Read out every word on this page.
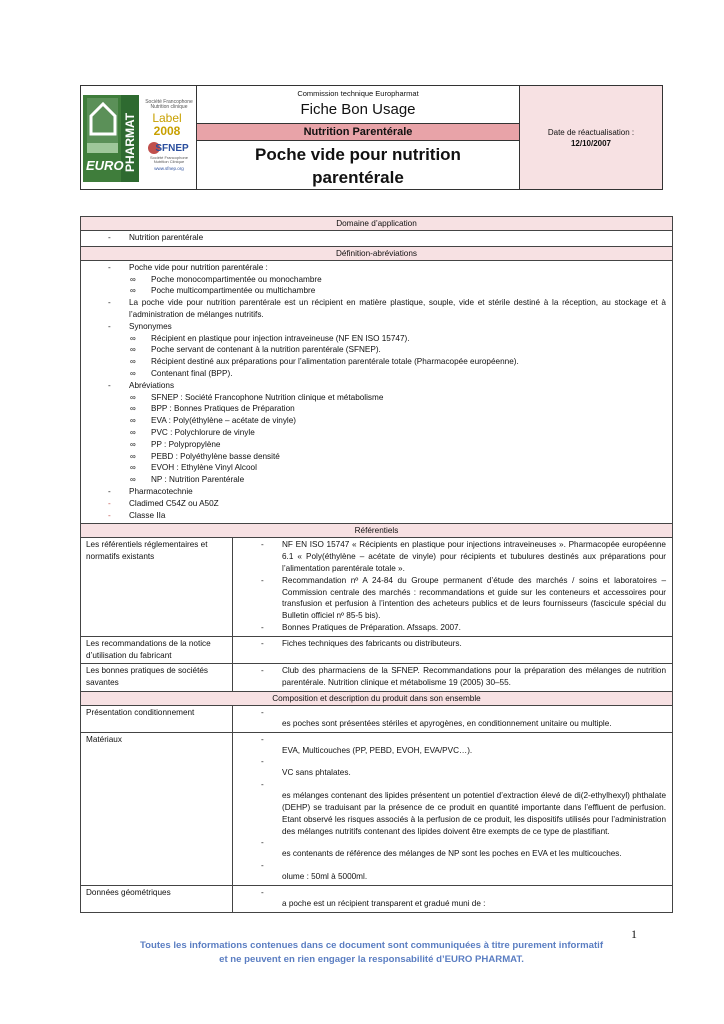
EURO PHARMAT
Société Francophone
Nutrition clinique
Label
2008
SFNEP
Société Francophone
Nutrition Clinique
www.sfnep.org
Commission technique Europharmat
Fiche Bon Usage
Nutrition Parentérale
Poche vide pour nutrition
parentérale
Date de réactualisation :
12/10/2007
Domaine d’application
- Nutrition parentérale
Définition-abréviations
- Poche vide pour nutrition parentérale :
∞ Poche monocompartimentée ou monochambre
∞ Poche multicompartimentée ou multichambre
- La poche vide pour nutrition parentérale est un récipient en matière plastique, souple, vide et stérile destiné à la réception, au stockage et à l’administration de mélanges nutritifs.
- Synonymes
∞ Récipient en plastique pour injection intraveineuse (NF EN ISO 15747).
∞ Poche servant de contenant à la nutrition parentérale (SFNEP).
∞ Récipient destiné aux préparations pour l’alimentation parentérale totale (Pharmacopée européenne).
∞ Contenant final (BPP).
- Abréviations
∞ SFNEP : Société Francophone Nutrition clinique et métabolisme
∞ BPP : Bonnes Pratiques de Préparation
∞ EVA : Poly(éthylène – acétate de vinyle)
∞ PVC : Polychlorure de vinyle
∞ PP : Polypropylène
∞ PEBD : Polyéthylène basse densité
∞ EVOH : Ethylène Vinyl Alcool
∞ NP : Nutrition Parentérale
- Pharmacotechnie
- Cladimed C54Z ou A50Z
- Classe IIa
Référentiels
Les référentiels réglementaires et normatifs existants
- NF EN ISO 15747 « Récipients en plastique pour injections intraveineuses ». Pharmacopée européenne 6.1 « Poly(éthylène – acétate de vinyle) pour récipients et tubulures destinés aux préparations pour l’alimentation parentérale totale ».
- Recommandation nº A 24-84 du Groupe permanent d’étude des marchés / soins et laboratoires – Commission centrale des marchés : recommandations et guide sur les conteneurs et accessoires pour transfusion et perfusion à l’intention des acheteurs publics et de leurs fournisseurs (fascicule spécial du Bulletin officiel nº 85-5 bis).
- Bonnes Pratiques de Préparation. Afssaps. 2007.
Les recommandations de la notice d’utilisation du fabricant
- Fiches techniques des fabricants ou distributeurs.
Les bonnes pratiques de sociétés savantes
- Club des pharmaciens de la SFNEP. Recommandations pour la préparation des mélanges de nutrition parentérale. Nutrition clinique et métabolisme 19 (2005) 30–55.
Composition et description du produit dans son ensemble
Présentation conditionnement	-
es poches sont présentées stériles et apyrogènes, en conditionnement unitaire ou multiple.
Matériaux	-
EVA, Multicouches (PP, PEBD, EVOH, EVA/PVC…).
-
VC sans phtalates.
-
es mélanges contenant des lipides présentent un potentiel d’extraction élevé de di(2-ethylhexyl) phthalate (DEHP) se traduisant par la présence de ce produit en quantité importante dans l’effluent de perfusion. Etant observé les risques associés à la perfusion de ce produit, les dispositifs utilisés pour l’administration des mélanges nutritifs contenant des lipides doivent être exempts de ce type de plastifiant.
-
es contenants de référence des mélanges de NP sont les poches en EVA et les multicouches.
-
olume : 50ml à 5000ml.
Données géométriques	-
a poche est un récipient transparent et gradué muni de :
1
Toutes les informations contenues dans ce document sont communiquées à titre purement informatif
et ne peuvent en rien engager la responsabilité d’EURO PHARMAT.
